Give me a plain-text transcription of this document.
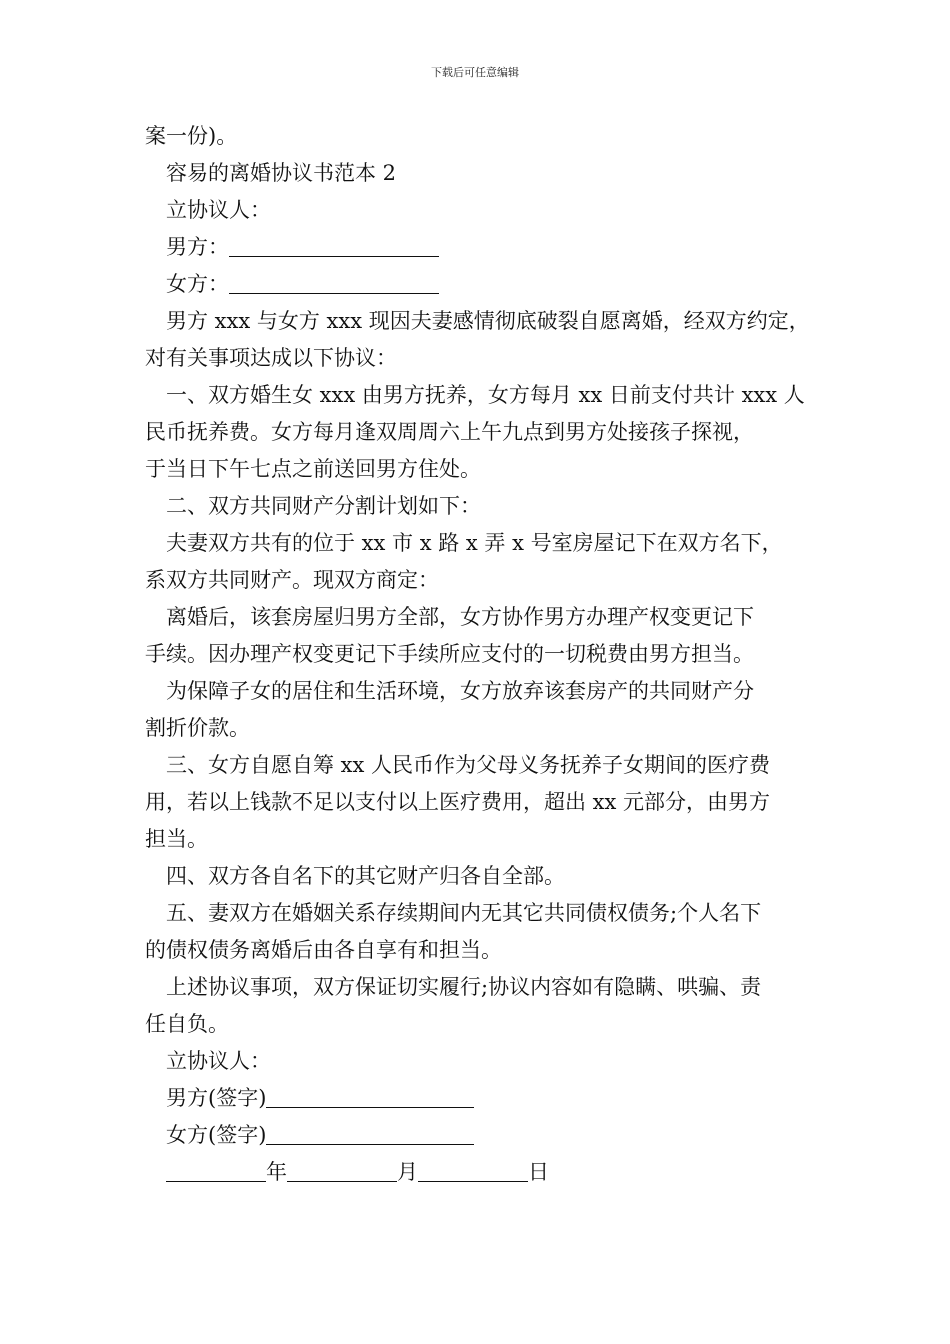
下载后可任意编辑
案一份)。
容易的离婚协议书范本 2
立协议人：
男方：
女方：
男方 xxx 与女方 xxx 现因夫妻感情彻底破裂自愿离婚，经双方约定，
对有关事项达成以下协议：
一、双方婚生女 xxx 由男方抚养，女方每月 xx 日前支付共计 xxx 人
民币抚养费。女方每月逢双周周六上午九点到男方处接孩子探视，
于当日下午七点之前送回男方住处。
二、双方共同财产分割计划如下：
夫妻双方共有的位于 xx 市 x 路 x 弄 x 号室房屋记下在双方名下，
系双方共同财产。现双方商定：
离婚后，该套房屋归男方全部，女方协作男方办理产权变更记下
手续。因办理产权变更记下手续所应支付的一切税费由男方担当。
为保障子女的居住和生活环境，女方放弃该套房产的共同财产分
割折价款。
三、女方自愿自筹 xx 人民币作为父母义务抚养子女期间的医疗费
用，若以上钱款不足以支付以上医疗费用，超出 xx 元部分，由男方
担当。
四、双方各自名下的其它财产归各自全部。
五、妻双方在婚姻关系存续期间内无其它共同债权债务;个人名下
的债权债务离婚后由各自享有和担当。
上述协议事项，双方保证切实履行;协议内容如有隐瞒、哄骗、责
任自负。
立协议人：
男方(签字)
女方(签字)
年	月	日
